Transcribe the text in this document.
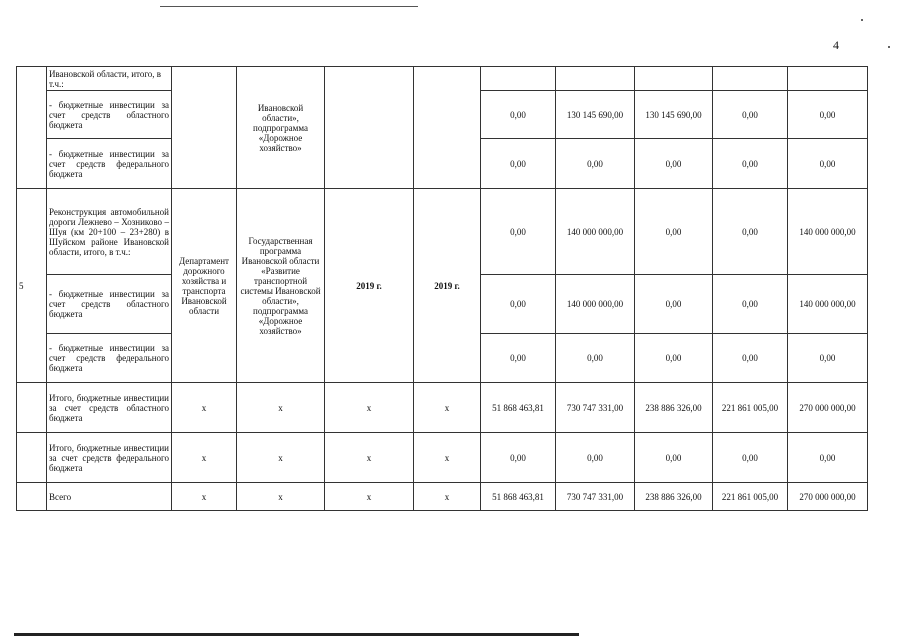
4
	Ивановской области, итого, в т.ч.:		Ивановской области», подпрограмма «Дорожное хозяйство»							
	- бюджетные инвестиции за счет средств областного бюджета					0,00	130 145 690,00	130 145 690,00	0,00	0,00
	- бюджетные инвестиции за счет средств федерального бюджета					0,00	0,00	0,00	0,00	0,00
5	Реконструкция автомобильной дороги Лежнево – Хозниково – Шуя (км 20+100 – 23+280) в Шуйском районе Ивановской области, итого, в т.ч.:	Департамент дорожного хозяйства и транспорта Ивановской области	Государственная программа Ивановской области «Развитие транспортной системы Ивановской области», подпрограмма «Дорожное хозяйство»	2019 г.	2019 г.	0,00	140 000 000,00	0,00	0,00	140 000 000,00
	- бюджетные инвестиции за счет средств областного бюджета					0,00	140 000 000,00	0,00	0,00	140 000 000,00
	- бюджетные инвестиции за счет средств федерального бюджета					0,00	0,00	0,00	0,00	0,00
	Итого, бюджетные инвестиции за счет средств областного бюджета	x	x	x	x	51 868 463,81	730 747 331,00	238 886 326,00	221 861 005,00	270 000 000,00
	Итого, бюджетные инвестиции за счет средств федерального бюджета	x	x	x	x	0,00	0,00	0,00	0,00	0,00
	Всего	x	x	x	x	51 868 463,81	730 747 331,00	238 886 326,00	221 861 005,00	270 000 000,00
